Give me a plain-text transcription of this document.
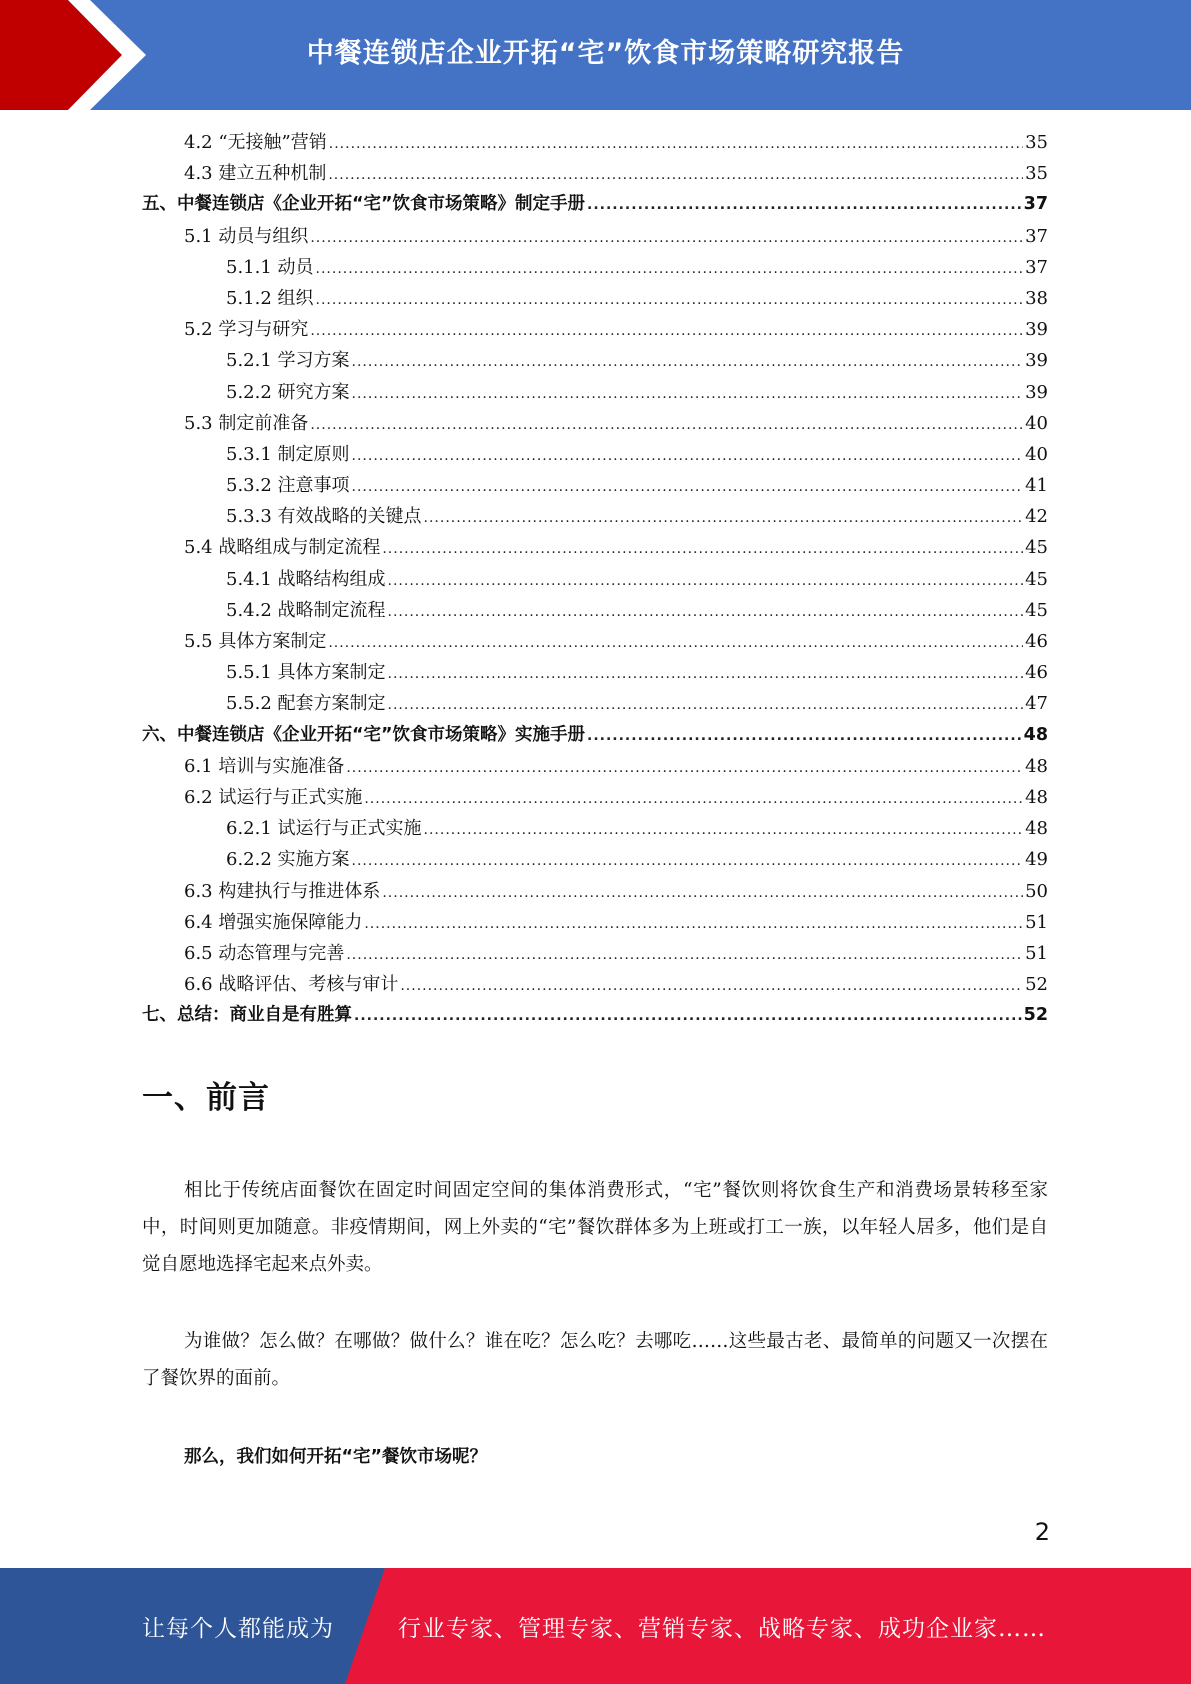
中餐连锁店企业开拓“宅”饮食市场策略研究报告
4.2 “无接触”营销 .....	35
4.3 建立五种机制 .....	35
五、中餐连锁店《企业开拓“宅”饮食市场策略》制定手册 .....	37
5.1 动员与组织 .....	37
5.1.1 动员 .....	37
5.1.2 组织 .....	38
5.2 学习与研究 .....	39
5.2.1 学习方案 .....	39
5.2.2 研究方案 .....	39
5.3 制定前准备 .....	40
5.3.1 制定原则 .....	40
5.3.2 注意事项 .....	41
5.3.3 有效战略的关键点 .....	42
5.4 战略组成与制定流程 .....	45
5.4.1 战略结构组成 .....	45
5.4.2 战略制定流程 .....	45
5.5 具体方案制定 .....	46
5.5.1 具体方案制定 .....	46
5.5.2 配套方案制定 .....	47
六、中餐连锁店《企业开拓“宅”饮食市场策略》实施手册 .....	48
6.1 培训与实施准备 .....	48
6.2 试运行与正式实施 .....	48
6.2.1 试运行与正式实施 .....	48
6.2.2 实施方案 .....	49
6.3 构建执行与推进体系 .....	50
6.4 增强实施保障能力 .....	51
6.5 动态管理与完善 .....	51
6.6 战略评估、考核与审计 .....	52
七、总结：商业自是有胜算 .....	52
一、前言
相比于传统店面餐饮在固定时间固定空间的集体消费形式，“宅”餐饮则将饮食生产和消费场景转移至家中，时间则更加随意。非疫情期间，网上外卖的“宅”餐饮群体多为上班或打工一族，以年轻人居多，他们是自觉自愿地选择宅起来点外卖。
为谁做？怎么做？在哪做？做什么？谁在吃？怎么吃？去哪吃……这些最古老、最简单的问题又一次摆在了餐饮界的面前。
那么，我们如何开拓“宅”餐饮市场呢？
2
让每个人都能成为	行业专家、管理专家、营销专家、战略专家、成功企业家……
